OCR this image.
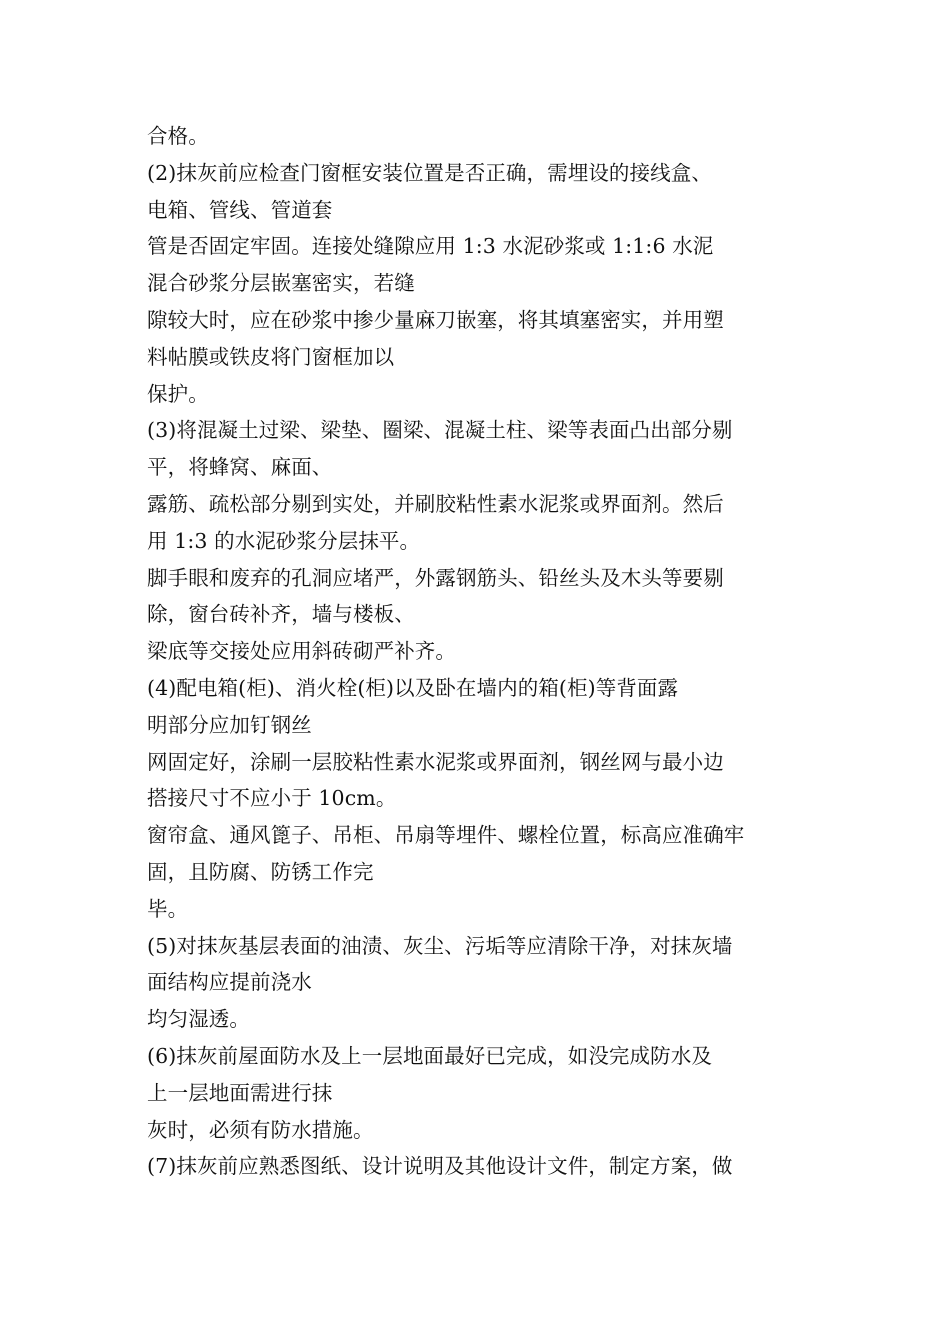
合格。
(2)抹灰前应检查门窗框安装位置是否正确，需埋设的接线盒、
电箱、管线、管道套
管是否固定牢固。连接处缝隙应用 1:3 水泥砂浆或 1:1:6 水泥
混合砂浆分层嵌塞密实，若缝
隙较大时，应在砂浆中掺少量麻刀嵌塞，将其填塞密实，并用塑
料帖膜或铁皮将门窗框加以
保护。
(3)将混凝土过梁、梁垫、圈梁、混凝土柱、梁等表面凸出部分剔
平，将蜂窝、麻面、
露筋、疏松部分剔到实处，并刷胶粘性素水泥浆或界面剂。然后
用 1:3 的水泥砂浆分层抹平。
脚手眼和废弃的孔洞应堵严，外露钢筋头、铅丝头及木头等要剔
除，窗台砖补齐，墙与楼板、
梁底等交接处应用斜砖砌严补齐。
(4)配电箱(柜)、消火栓(柜)以及卧在墙内的箱(柜)等背面露
明部分应加钉钢丝
网固定好，涂刷一层胶粘性素水泥浆或界面剂，钢丝网与最小边
搭接尺寸不应小于 10cm。
窗帘盒、通风篦子、吊柜、吊扇等埋件、螺栓位置，标高应准确牢
固，且防腐、防锈工作完
毕。
(5)对抹灰基层表面的油渍、灰尘、污垢等应清除干净，对抹灰墙
面结构应提前浇水
均匀湿透。
(6)抹灰前屋面防水及上一层地面最好已完成，如没完成防水及
上一层地面需进行抹
灰时，必须有防水措施。
(7)抹灰前应熟悉图纸、设计说明及其他设计文件，制定方案，做
